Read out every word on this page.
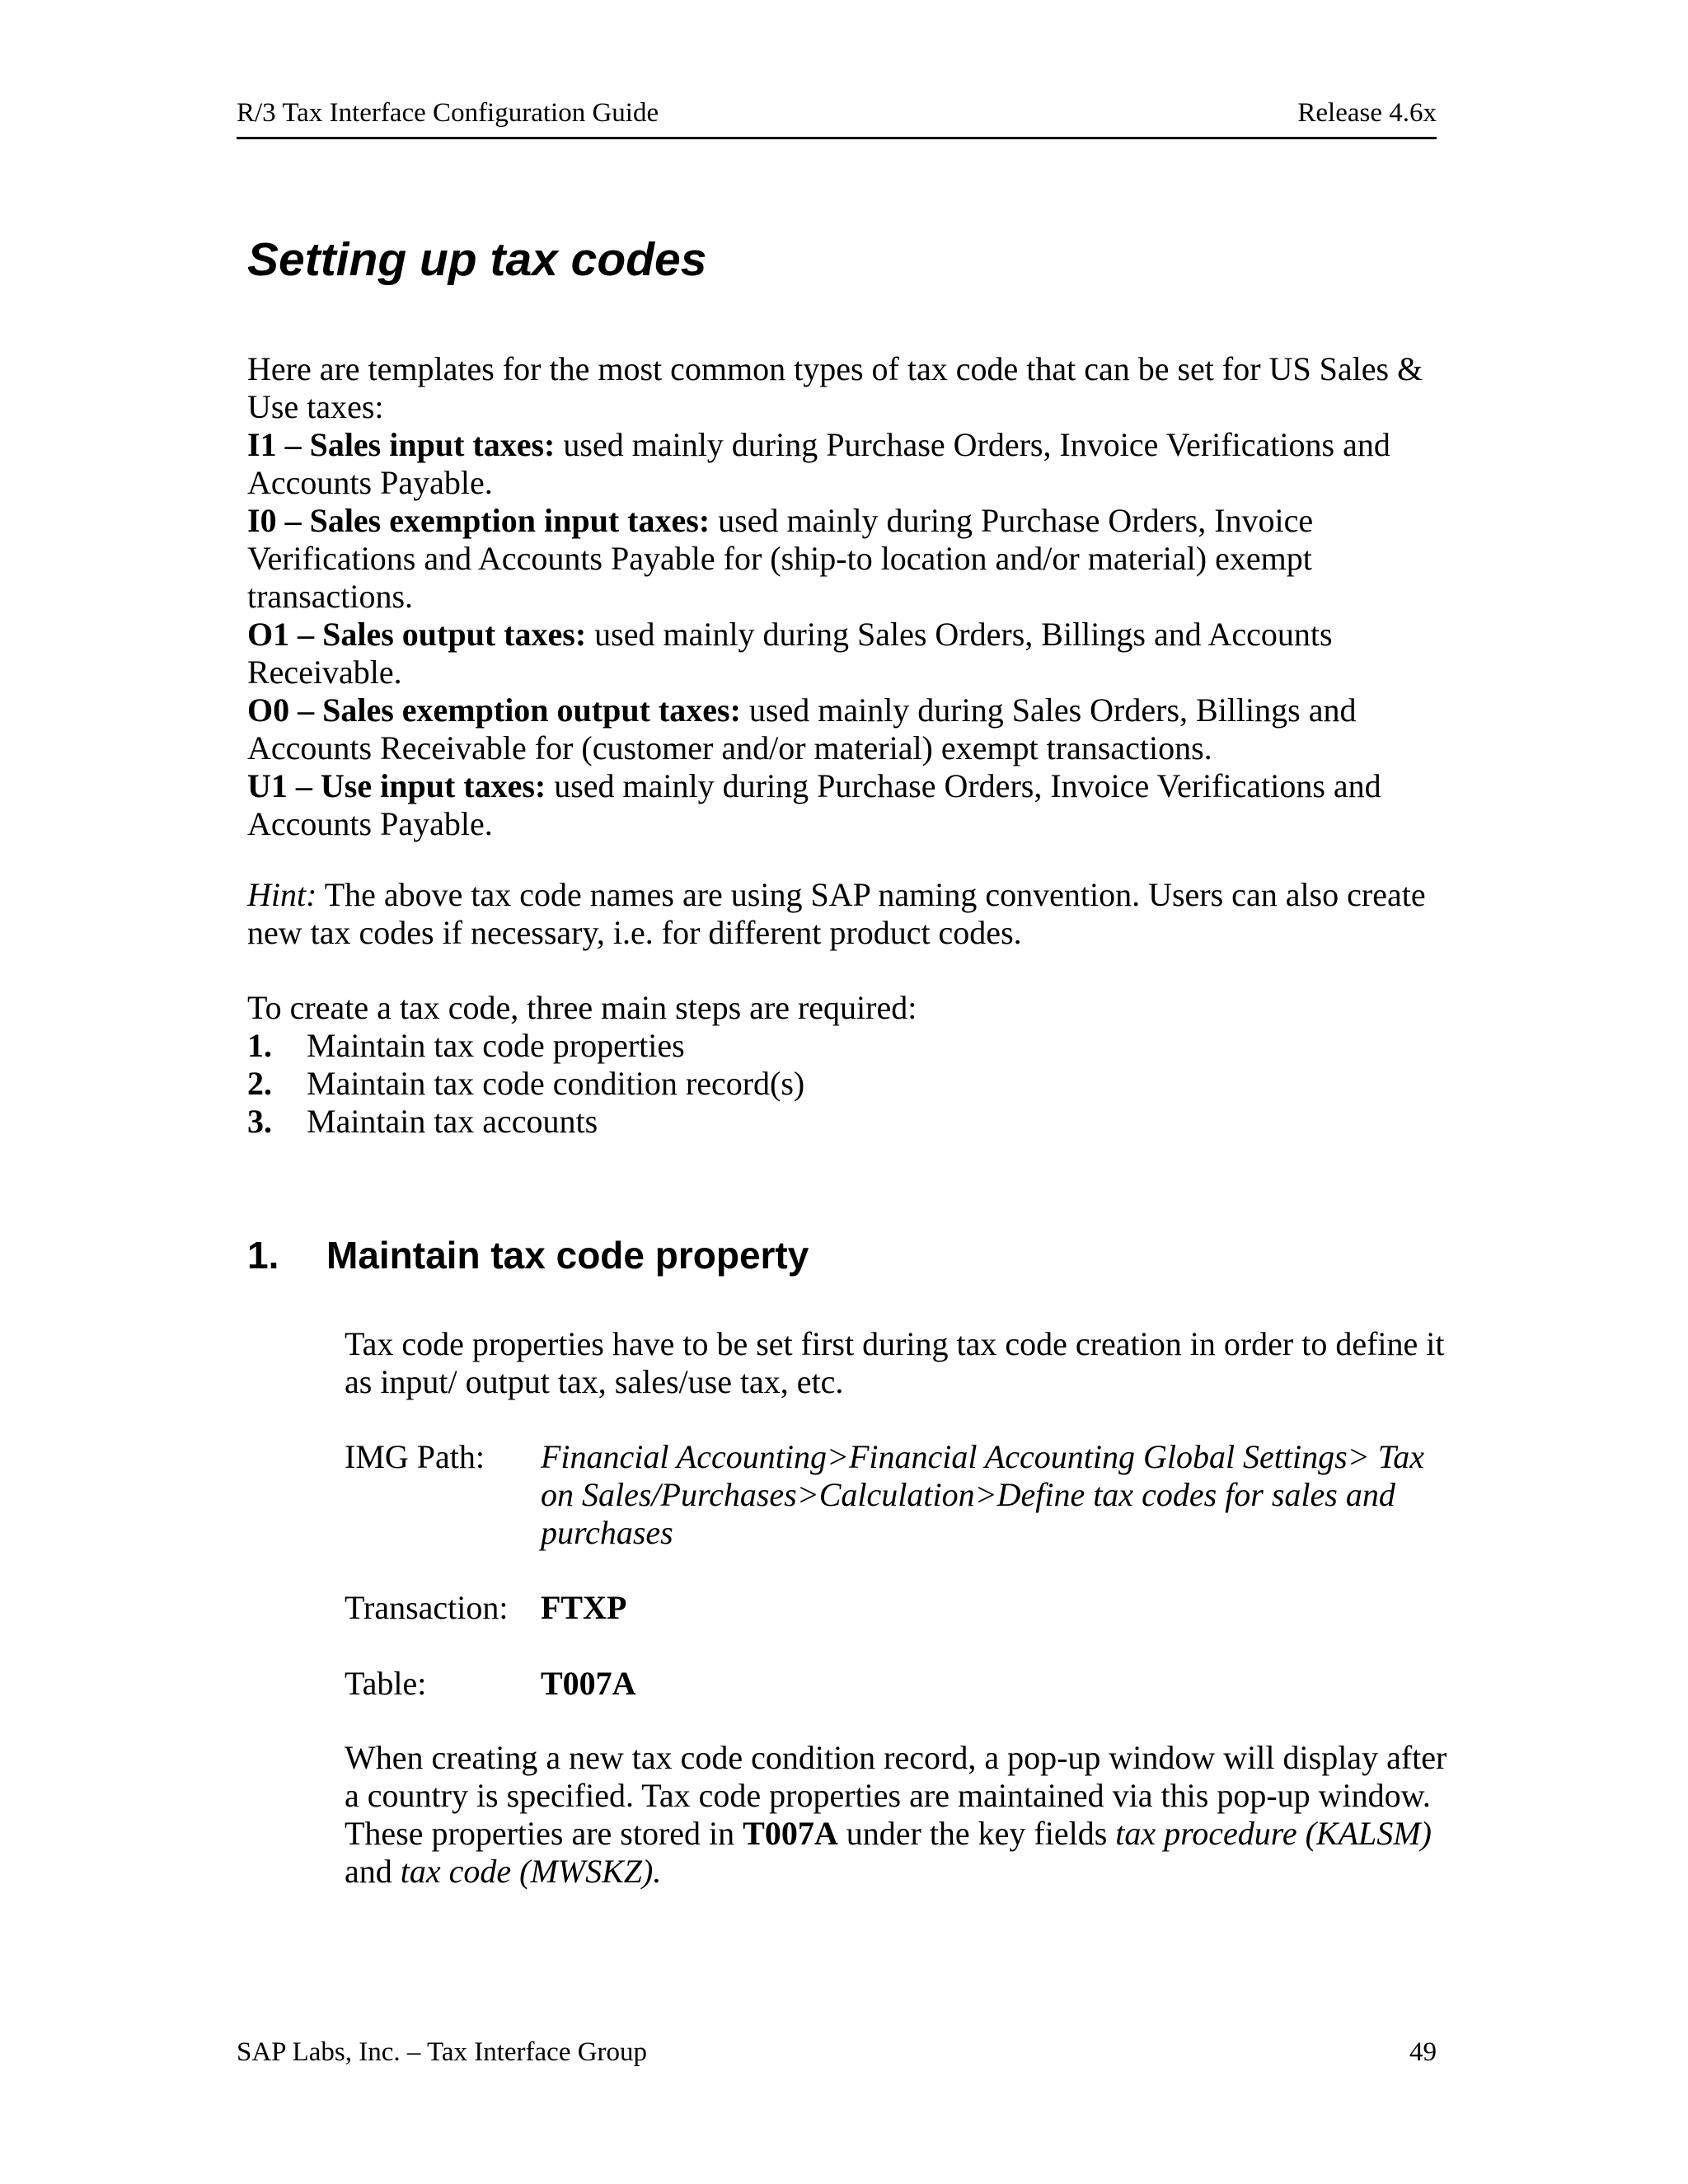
R/3 Tax Interface Configuration Guide	Release 4.6x
Setting up tax codes

Here are templates for the most common types of tax code that can be set for US Sales & Use taxes:

I1 – Sales input taxes: used mainly during Purchase Orders, Invoice Verifications and Accounts Payable.

I0 – Sales exemption input taxes: used mainly during Purchase Orders, Invoice Verifications and Accounts Payable for (ship-to location and/or material) exempt transactions.

O1 – Sales output taxes: used mainly during Sales Orders, Billings and Accounts Receivable.

O0 – Sales exemption output taxes: used mainly during Sales Orders, Billings and Accounts Receivable for (customer and/or material) exempt transactions.

U1 – Use input taxes: used mainly during Purchase Orders, Invoice Verifications and Accounts Payable.

Hint: The above tax code names are using SAP naming convention. Users can also create new tax codes if necessary, i.e. for different product codes.

To create a tax code, three main steps are required:

1.	Maintain tax code properties
2.	Maintain tax code condition record(s)
3.	Maintain tax accounts
1.	Maintain tax code property

Tax code properties have to be set first during tax code creation in order to define it as input/ output tax, sales/use tax, etc.

IMG Path:	Financial Accounting>Financial Accounting Global Settings> Tax on Sales/Purchases>Calculation>Define tax codes for sales and purchases
Transaction: FTXP
Table:	T007A

When creating a new tax code condition record, a pop-up window will display after a country is specified. Tax code properties are maintained via this pop-up window. These properties are stored in T007A under the key fields tax procedure (KALSM) and tax code (MWSKZ).

SAP Labs, Inc. – Tax Interface Group	49
